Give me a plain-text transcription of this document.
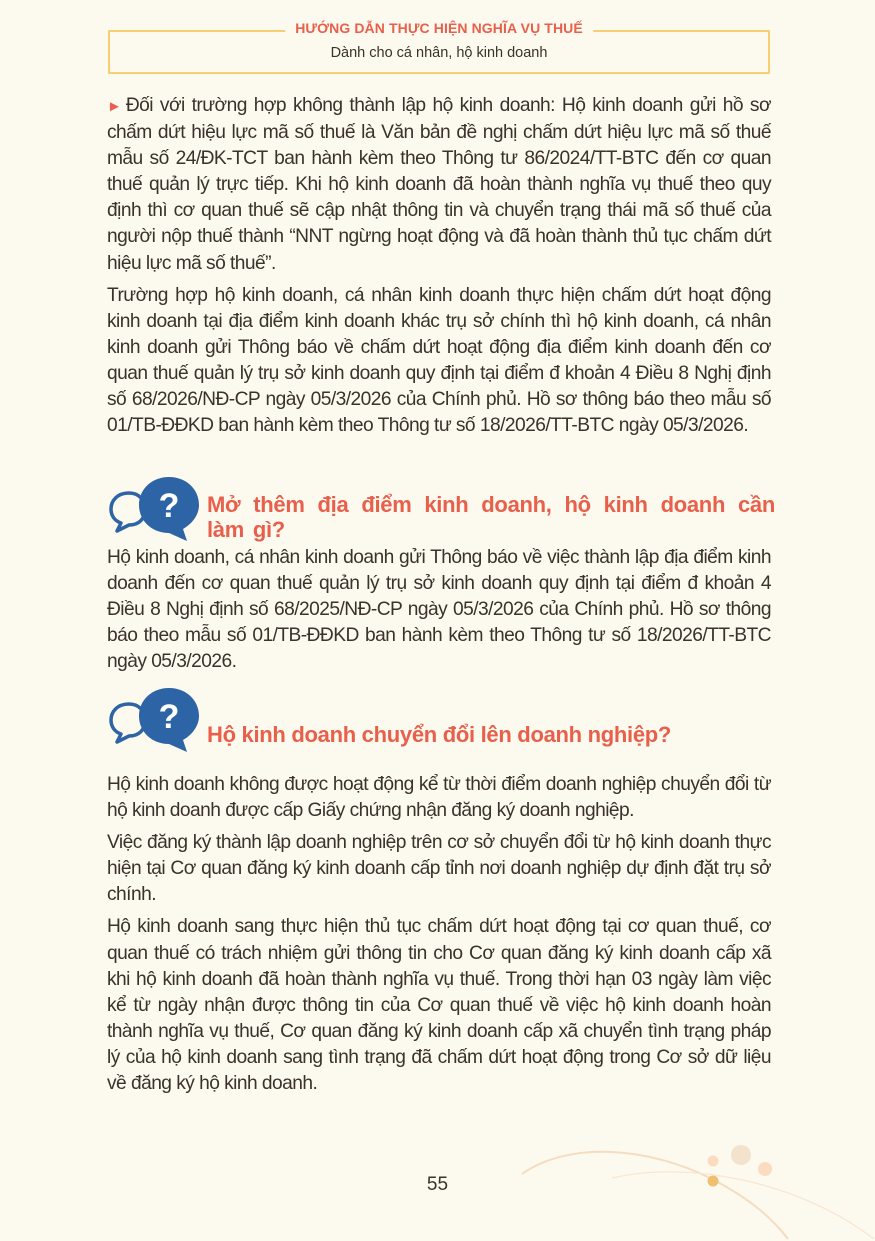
HƯỚNG DẪN THỰC HIỆN NGHĨA VỤ THUẾ
Dành cho cá nhân, hộ kinh doanh

► Đối với trường hợp không thành lập hộ kinh doanh: Hộ kinh doanh gửi hồ sơ chấm dứt hiệu lực mã số thuế là Văn bản đề nghị chấm dứt hiệu lực mã số thuế mẫu số 24/ĐK-TCT ban hành kèm theo Thông tư 86/2024/TT-BTC đến cơ quan thuế quản lý trực tiếp. Khi hộ kinh doanh đã hoàn thành nghĩa vụ thuế theo quy định thì cơ quan thuế sẽ cập nhật thông tin và chuyển trạng thái mã số thuế của người nộp thuế thành “NNT ngừng hoạt động và đã hoàn thành thủ tục chấm dứt hiệu lực mã số thuế”.

Trường hợp hộ kinh doanh, cá nhân kinh doanh thực hiện chấm dứt hoạt động kinh doanh tại địa điểm kinh doanh khác trụ sở chính thì hộ kinh doanh, cá nhân kinh doanh gửi Thông báo về chấm dứt hoạt động địa điểm kinh doanh đến cơ quan thuế quản lý trụ sở kinh doanh quy định tại điểm đ khoản 4 Điều 8 Nghị định số 68/2026/NĐ-CP ngày 05/3/2026 của Chính phủ. Hồ sơ thông báo theo mẫu số 01/TB-ĐĐKD ban hành kèm theo Thông tư số 18/2026/TT-BTC ngày 05/3/2026.

? Mở thêm địa điểm kinh doanh, hộ kinh doanh cần làm gì?

Hộ kinh doanh, cá nhân kinh doanh gửi Thông báo về việc thành lập địa điểm kinh doanh đến cơ quan thuế quản lý trụ sở kinh doanh quy định tại điểm đ khoản 4 Điều 8 Nghị định số 68/2025/NĐ-CP ngày 05/3/2026 của Chính phủ. Hồ sơ thông báo theo mẫu số 01/TB-ĐĐKD ban hành kèm theo Thông tư số 18/2026/TT-BTC ngày 05/3/2026.

? Hộ kinh doanh chuyển đổi lên doanh nghiệp?

Hộ kinh doanh không được hoạt động kể từ thời điểm doanh nghiệp chuyển đổi từ hộ kinh doanh được cấp Giấy chứng nhận đăng ký doanh nghiệp.

Việc đăng ký thành lập doanh nghiệp trên cơ sở chuyển đổi từ hộ kinh doanh thực hiện tại Cơ quan đăng ký kinh doanh cấp tỉnh nơi doanh nghiệp dự định đặt trụ sở chính.

Hộ kinh doanh sang thực hiện thủ tục chấm dứt hoạt động tại cơ quan thuế, cơ quan thuế có trách nhiệm gửi thông tin cho Cơ quan đăng ký kinh doanh cấp xã khi hộ kinh doanh đã hoàn thành nghĩa vụ thuế. Trong thời hạn 03 ngày làm việc kể từ ngày nhận được thông tin của Cơ quan thuế về việc hộ kinh doanh hoàn thành nghĩa vụ thuế, Cơ quan đăng ký kinh doanh cấp xã chuyển tình trạng pháp lý của hộ kinh doanh sang tình trạng đã chấm dứt hoạt động trong Cơ sở dữ liệu về đăng ký hộ kinh doanh.

55
